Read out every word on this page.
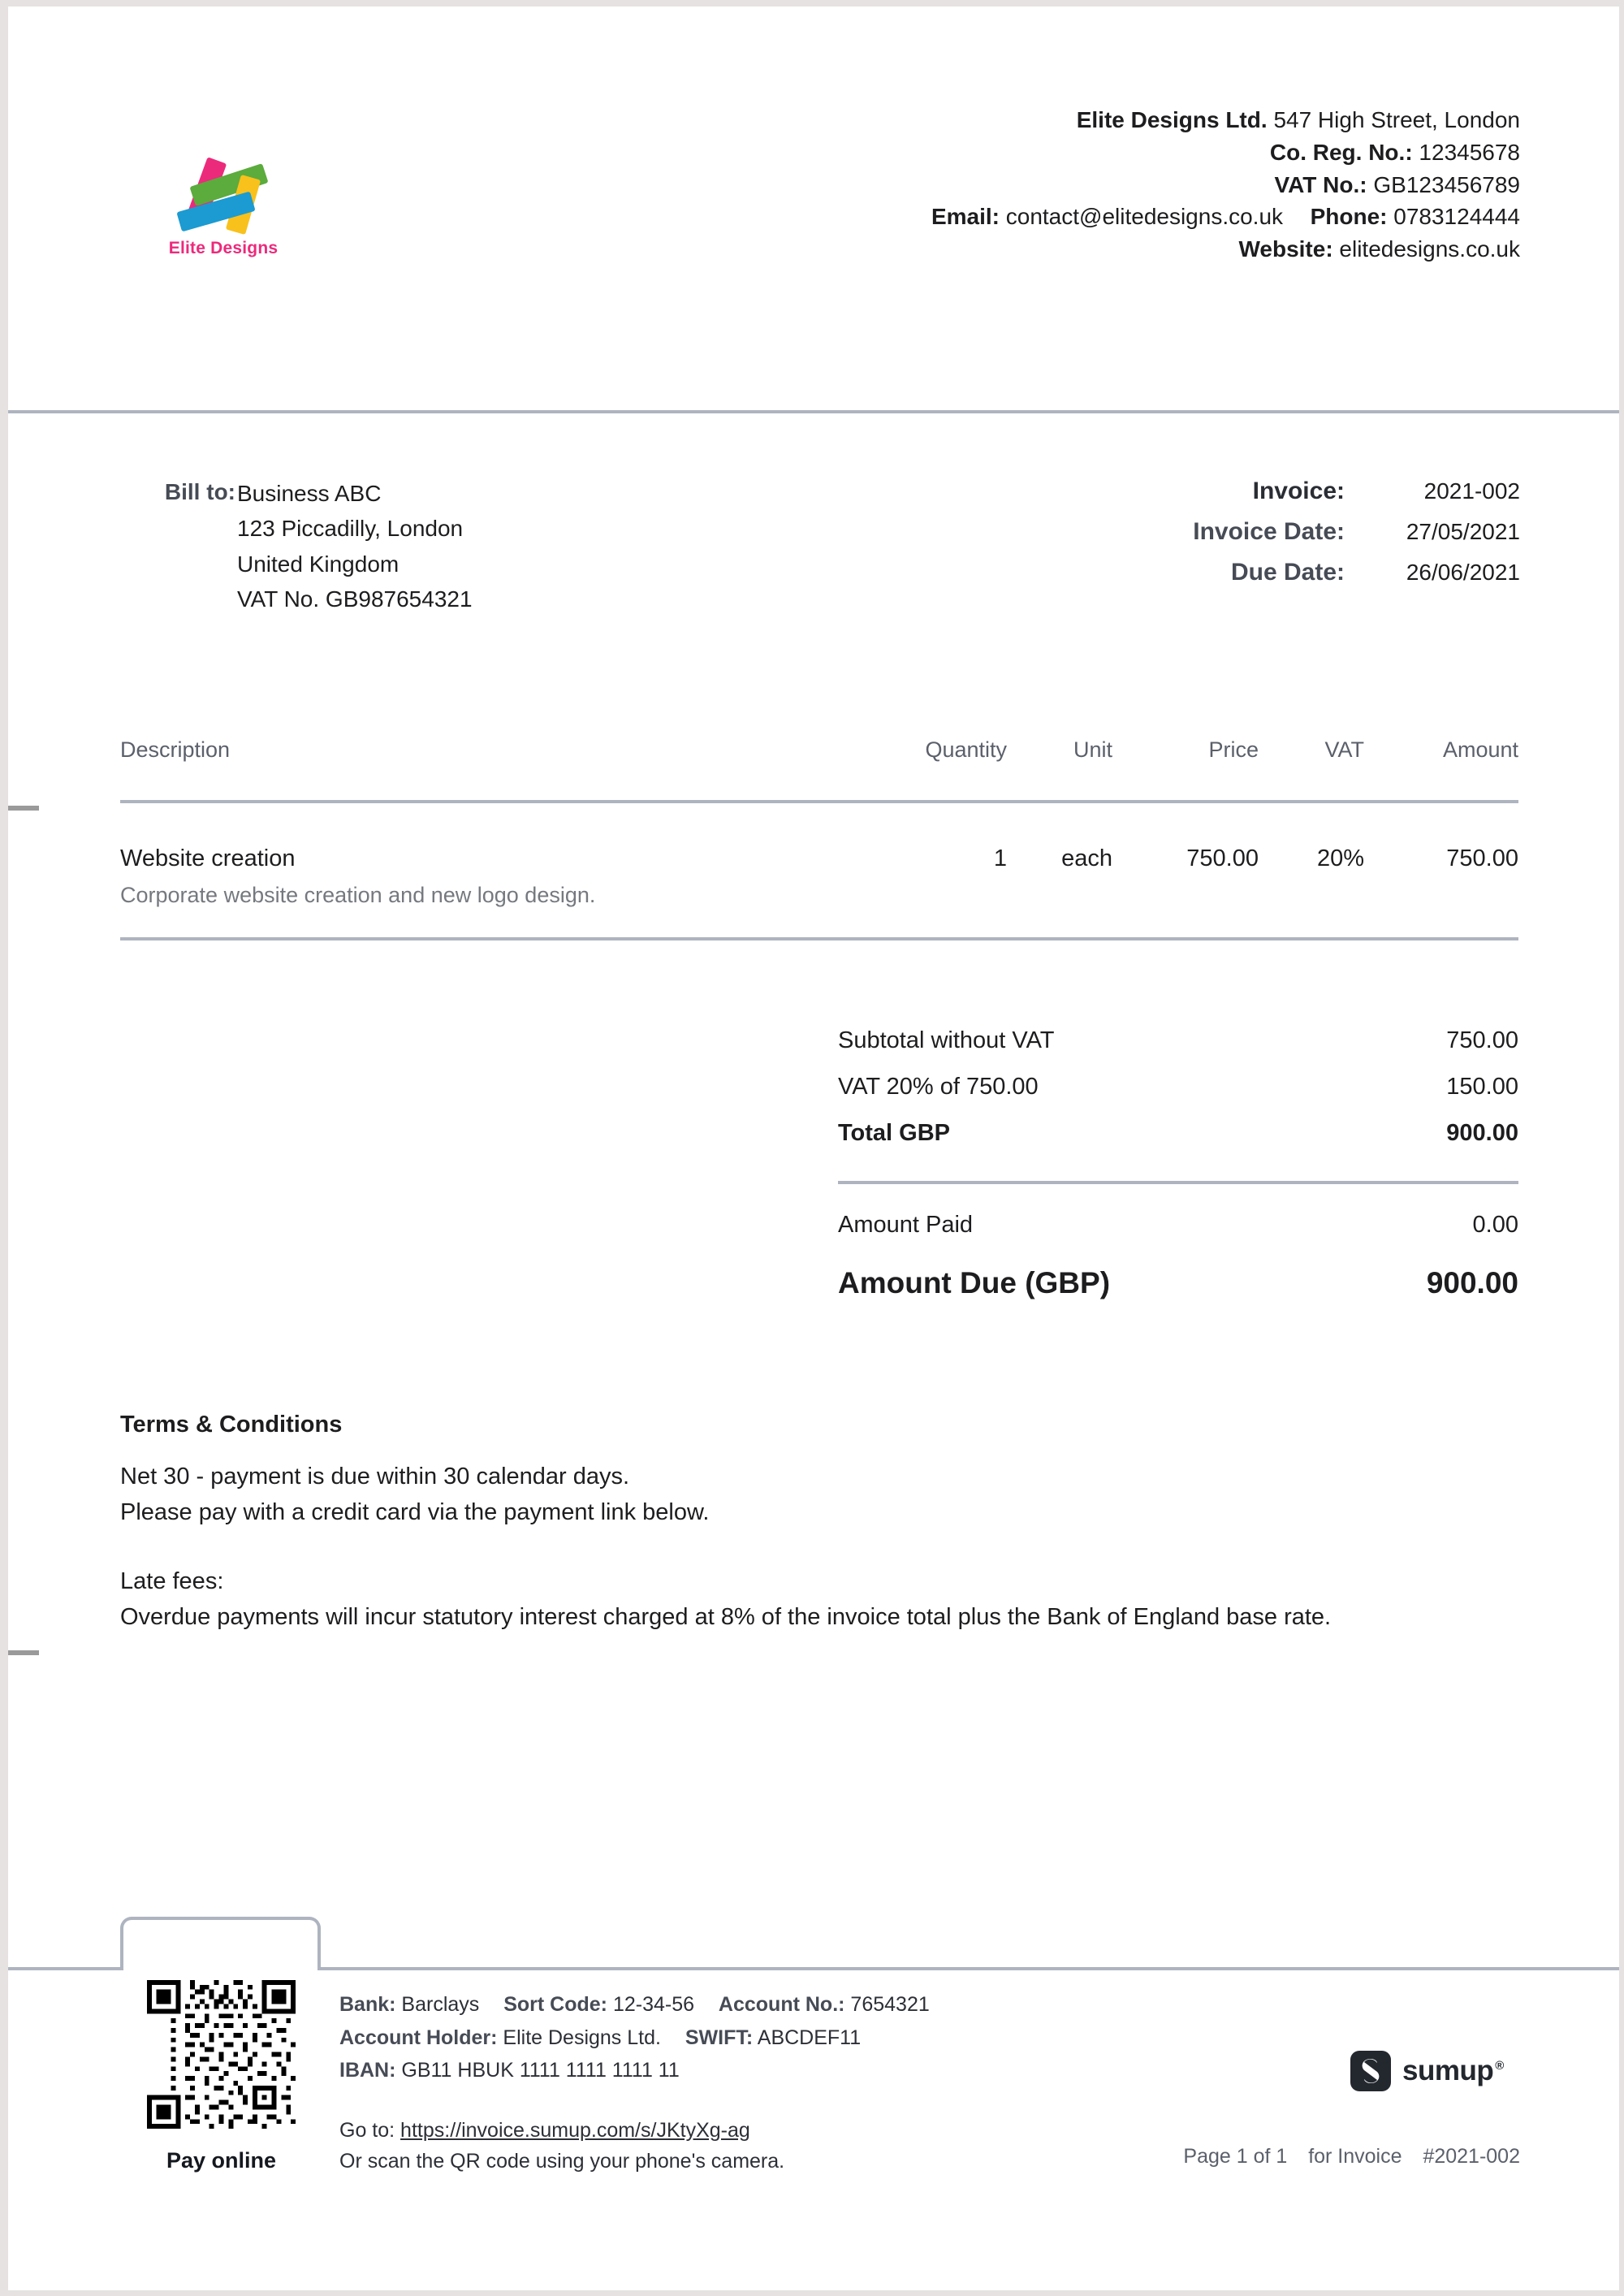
Elite Designs
Elite Designs Ltd. 547 High Street, London
Co. Reg. No.: 12345678
VAT No.: GB123456789
Email: contact@elitedesigns.co.uk Phone: 0783124444
Website: elitedesigns.co.uk
Bill to: Business ABC
123 Piccadilly, London
United Kingdom
VAT No. GB987654321
Invoice:	2021-002
Invoice Date:	27/05/2021
Due Date:	26/06/2021
Description	Quantity	Unit	Price	VAT	Amount

Website creation
Corporate website creation and new logo design.	1	each	750.00	20%	750.00

Subtotal without VAT	750.00
VAT 20% of 750.00	150.00
Total GBP	900.00
Amount Paid	0.00
Amount Due (GBP)	900.00
Terms & Conditions

Net 30 - payment is due within 30 calendar days.

Please pay with a credit card via the payment link below.

Late fees:

Overdue payments will incur statutory interest charged at 8% of the invoice total plus the Bank of England base rate.

Pay online
Bank: Barclays Sort Code: 12-34-56 Account No.: 7654321
Account Holder: Elite Designs Ltd. SWIFT: ABCDEF11
IBAN: GB11 HBUK 1111 1111 1111 11
Go to: https://invoice.sumup.com/s/JKtyXg-ag
Or scan the QR code using your phone's camera.
sumup ®
Page 1 of 1 for Invoice #2021-002
